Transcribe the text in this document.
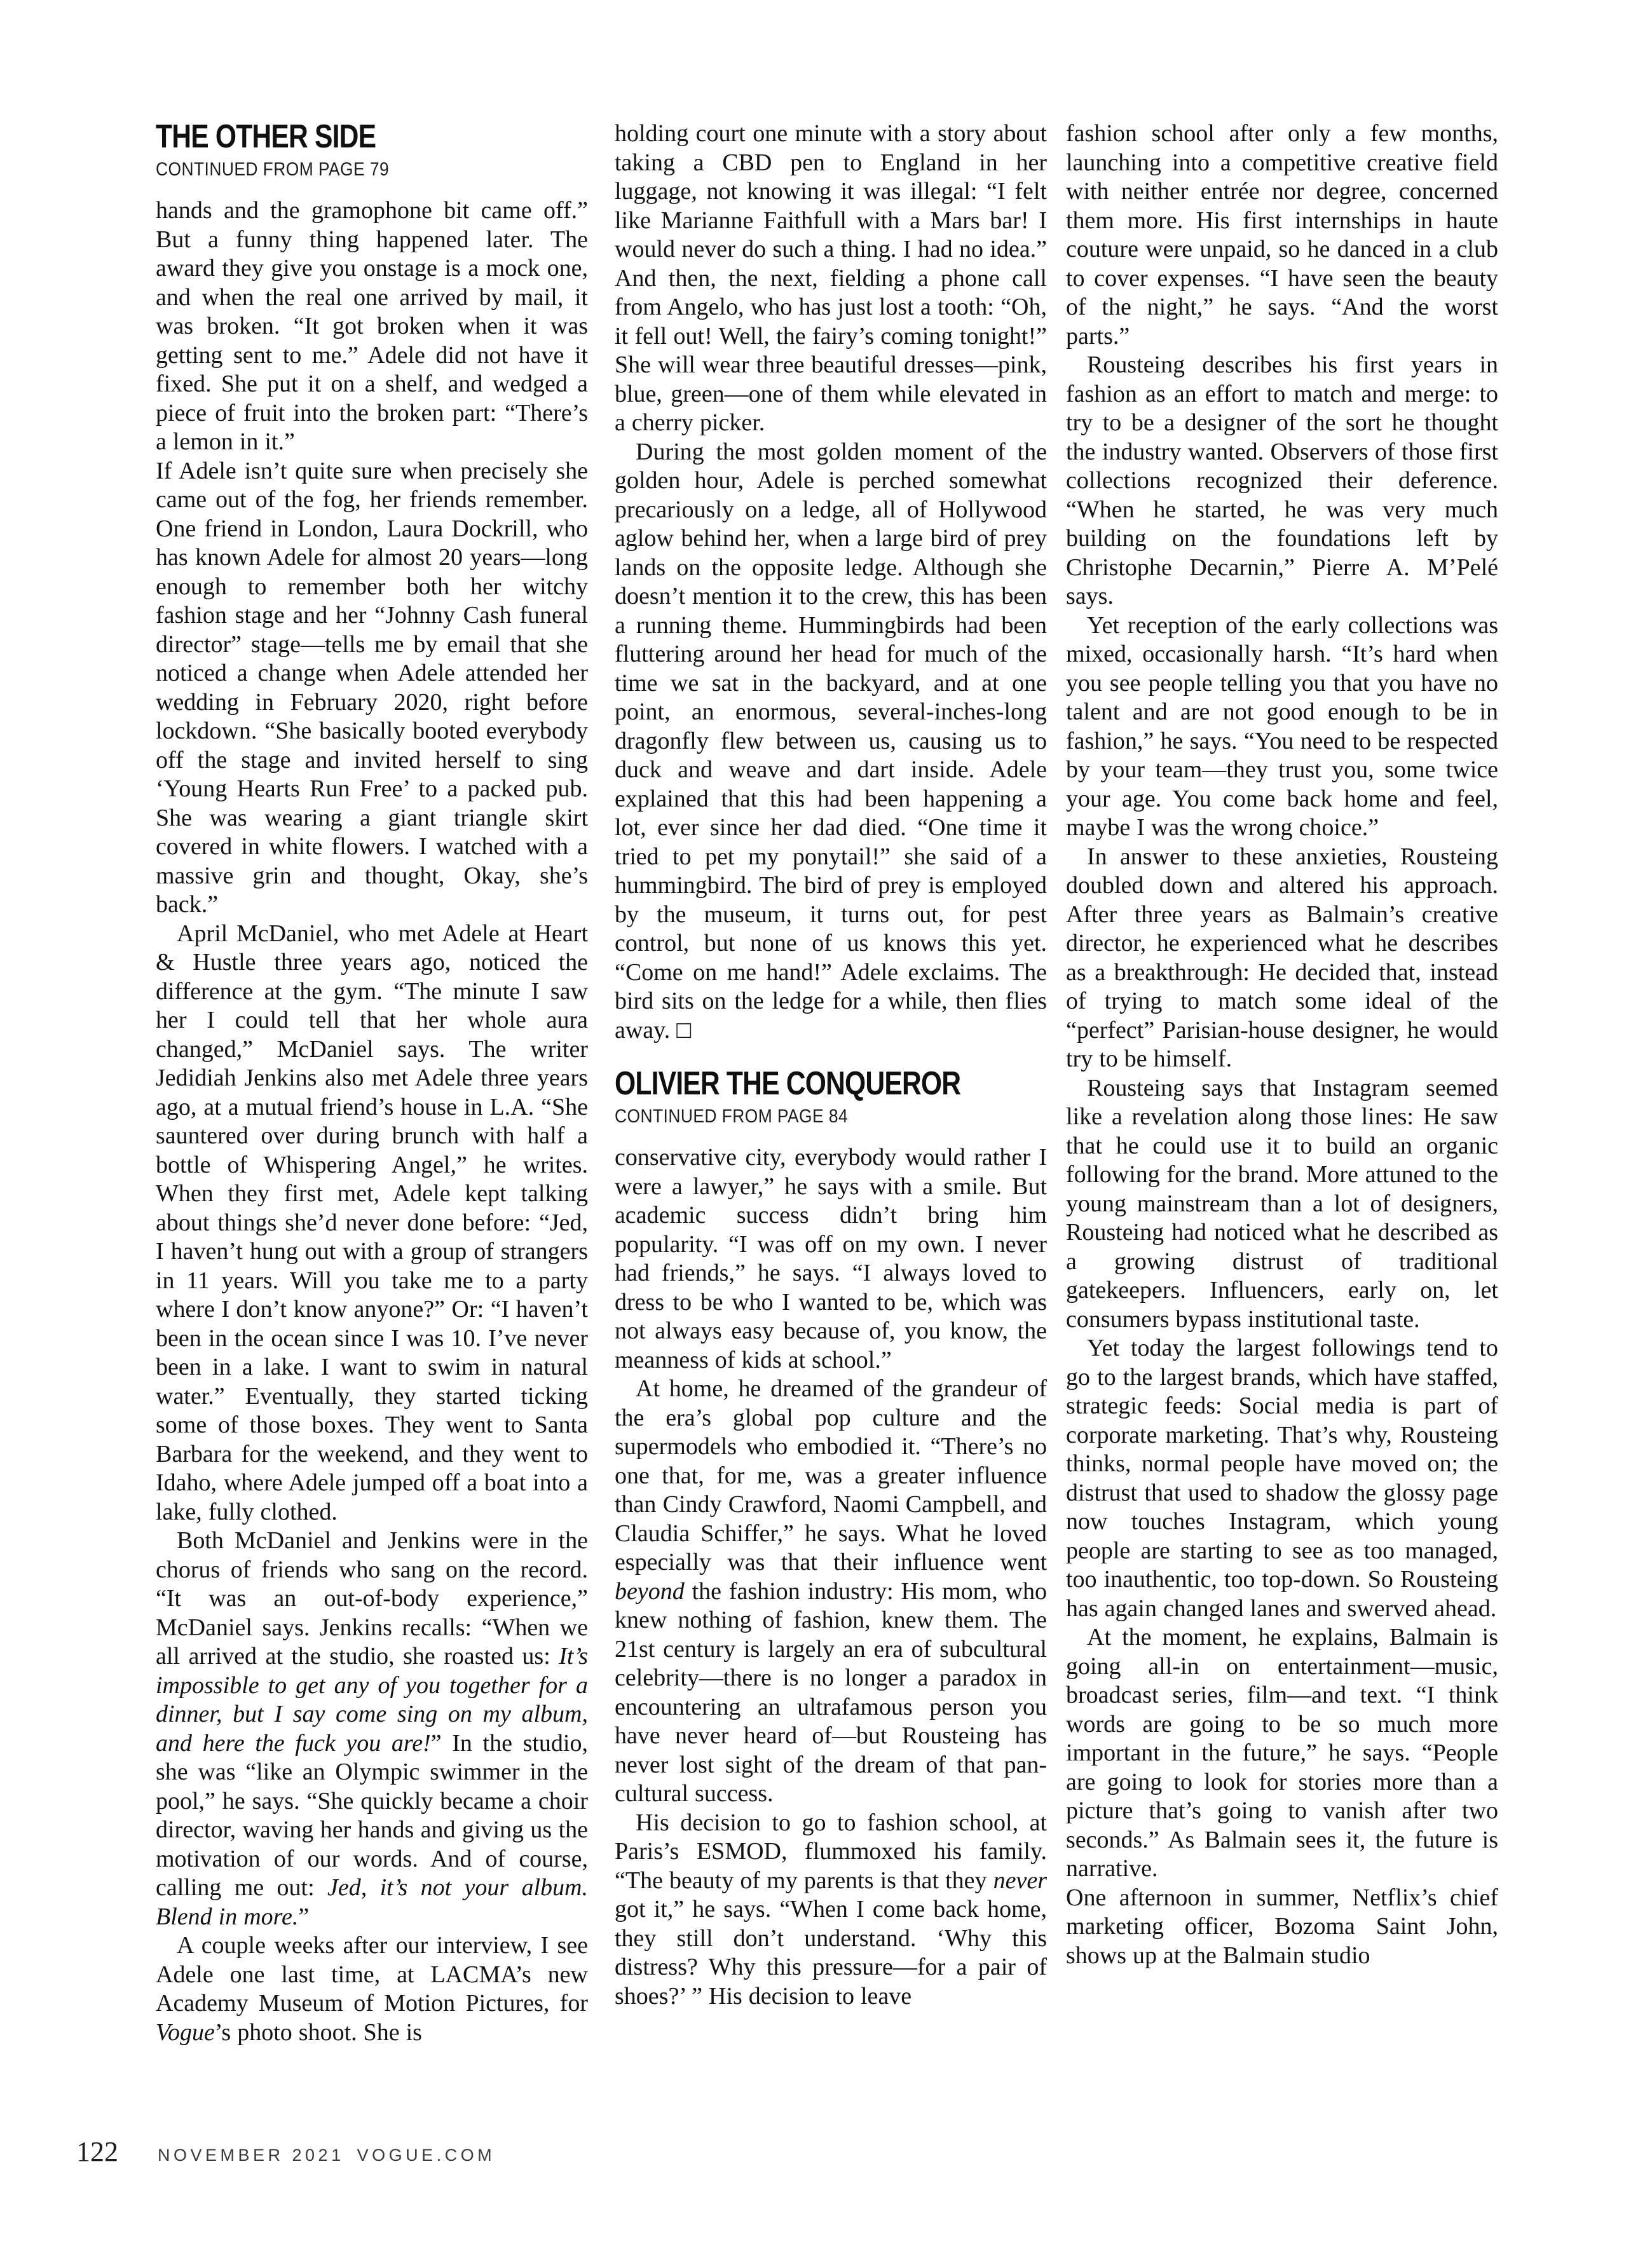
THE OTHER SIDE
CONTINUED FROM PAGE 79

hands and the gramophone bit came off.” But a funny thing happened later. The award they give you onstage is a mock one, and when the real one arrived by mail, it was broken. “It got broken when it was getting sent to me.” Adele did not have it fixed. She put it on a shelf, and wedged a piece of fruit into the broken part: “There’s a lemon in it.”

If Adele isn’t quite sure when precisely she came out of the fog, her friends remember. One friend in London, Laura Dockrill, who has known Adele for almost 20 years—long enough to remember both her witchy fashion stage and her “Johnny Cash funeral director” stage—tells me by email that she noticed a change when Adele attended her wedding in February 2020, right before lockdown. “She basically booted everybody off the stage and invited herself to sing ‘Young Hearts Run Free’ to a packed pub. She was wearing a giant triangle skirt covered in white flowers. I watched with a massive grin and thought, Okay, she’s back.”

April McDaniel, who met Adele at Heart & Hustle three years ago, noticed the difference at the gym. “The minute I saw her I could tell that her whole aura changed,” McDaniel says. The writer Jedidiah Jenkins also met Adele three years ago, at a mutual friend’s house in L.A. “She sauntered over during brunch with half a bottle of Whispering Angel,” he writes. When they first met, Adele kept talking about things she’d never done before: “Jed, I haven’t hung out with a group of strangers in 11 years. Will you take me to a party where I don’t know anyone?” Or: “I haven’t been in the ocean since I was 10. I’ve never been in a lake. I want to swim in natural water.” Eventually, they started ticking some of those boxes. They went to Santa Barbara for the weekend, and they went to Idaho, where Adele jumped off a boat into a lake, fully clothed.

Both McDaniel and Jenkins were in the chorus of friends who sang on the record. “It was an out-of-body experience,” McDaniel says. Jenkins recalls: “When we all arrived at the studio, she roasted us: It’s impossible to get any of you together for a dinner, but I say come sing on my album, and here the fuck you are!” In the studio, she was “like an Olympic swimmer in the pool,” he says. “She quickly became a choir director, waving her hands and giving us the motivation of our words. And of course, calling me out: Jed, it’s not your album. Blend in more.”

A couple weeks after our interview, I see Adele one last time, at LACMA’s new Academy Museum of Motion Pictures, for Vogue’s photo shoot. She is

holding court one minute with a story about taking a CBD pen to England in her luggage, not knowing it was illegal: “I felt like Marianne Faithfull with a Mars bar! I would never do such a thing. I had no idea.” And then, the next, fielding a phone call from Angelo, who has just lost a tooth: “Oh, it fell out! Well, the fairy’s coming tonight!” She will wear three beautiful dresses—pink, blue, green—one of them while elevated in a cherry picker.

During the most golden moment of the golden hour, Adele is perched somewhat precariously on a ledge, all of Hollywood aglow behind her, when a large bird of prey lands on the opposite ledge. Although she doesn’t mention it to the crew, this has been a running theme. Hummingbirds had been fluttering around her head for much of the time we sat in the backyard, and at one point, an enormous, several-inches-long dragonfly flew between us, causing us to duck and weave and dart inside. Adele explained that this had been happening a lot, ever since her dad died. “One time it tried to pet my ponytail!” she said of a hummingbird. The bird of prey is employed by the museum, it turns out, for pest control, but none of us knows this yet. “Come on me hand!” Adele exclaims. The bird sits on the ledge for a while, then flies away. □

OLIVIER THE CONQUEROR
CONTINUED FROM PAGE 84

conservative city, everybody would rather I were a lawyer,” he says with a smile. But academic success didn’t bring him popularity. “I was off on my own. I never had friends,” he says. “I always loved to dress to be who I wanted to be, which was not always easy because of, you know, the meanness of kids at school.”

At home, he dreamed of the grandeur of the era’s global pop culture and the supermodels who embodied it. “There’s no one that, for me, was a greater influence than Cindy Crawford, Naomi Campbell, and Claudia Schiffer,” he says. What he loved especially was that their influence went beyond the fashion industry: His mom, who knew nothing of fashion, knew them. The 21st century is largely an era of subcultural celebrity—there is no longer a paradox in encountering an ultrafamous person you have never heard of—but Rousteing has never lost sight of the dream of that pan-cultural success.

His decision to go to fashion school, at Paris’s ESMOD, flummoxed his family. “The beauty of my parents is that they never got it,” he says. “When I come back home, they still don’t understand. ‘Why this distress? Why this pressure—for a pair of shoes?’ ” His decision to leave

fashion school after only a few months, launching into a competitive creative field with neither entrée nor degree, concerned them more. His first internships in haute couture were unpaid, so he danced in a club to cover expenses. “I have seen the beauty of the night,” he says. “And the worst parts.”

Rousteing describes his first years in fashion as an effort to match and merge: to try to be a designer of the sort he thought the industry wanted. Observers of those first collections recognized their deference. “When he started, he was very much building on the foundations left by Christophe Decarnin,” Pierre A. M’Pelé says.

Yet reception of the early collections was mixed, occasionally harsh. “It’s hard when you see people telling you that you have no talent and are not good enough to be in fashion,” he says. “You need to be respected by your team—they trust you, some twice your age. You come back home and feel, maybe I was the wrong choice.”

In answer to these anxieties, Rousteing doubled down and altered his approach. After three years as Balmain’s creative director, he experienced what he describes as a breakthrough: He decided that, instead of trying to match some ideal of the “perfect” Parisian-house designer, he would try to be himself.

Rousteing says that Instagram seemed like a revelation along those lines: He saw that he could use it to build an organic following for the brand. More attuned to the young mainstream than a lot of designers, Rousteing had noticed what he described as a growing distrust of traditional gatekeepers. Influencers, early on, let consumers bypass institutional taste.

Yet today the largest followings tend to go to the largest brands, which have staffed, strategic feeds: Social media is part of corporate marketing. That’s why, Rousteing thinks, normal people have moved on; the distrust that used to shadow the glossy page now touches Instagram, which young people are starting to see as too managed, too inauthentic, too top-down. So Rousteing has again changed lanes and swerved ahead.

At the moment, he explains, Balmain is going all-in on entertainment—music, broadcast series, film—and text. “I think words are going to be so much more important in the future,” he says. “People are going to look for stories more than a picture that’s going to vanish after two seconds.” As Balmain sees it, the future is narrative.

One afternoon in summer, Netflix’s chief marketing officer, Bozoma Saint John, shows up at the Balmain studio

122 NOVEMBER 2021 VOGUE.COM
